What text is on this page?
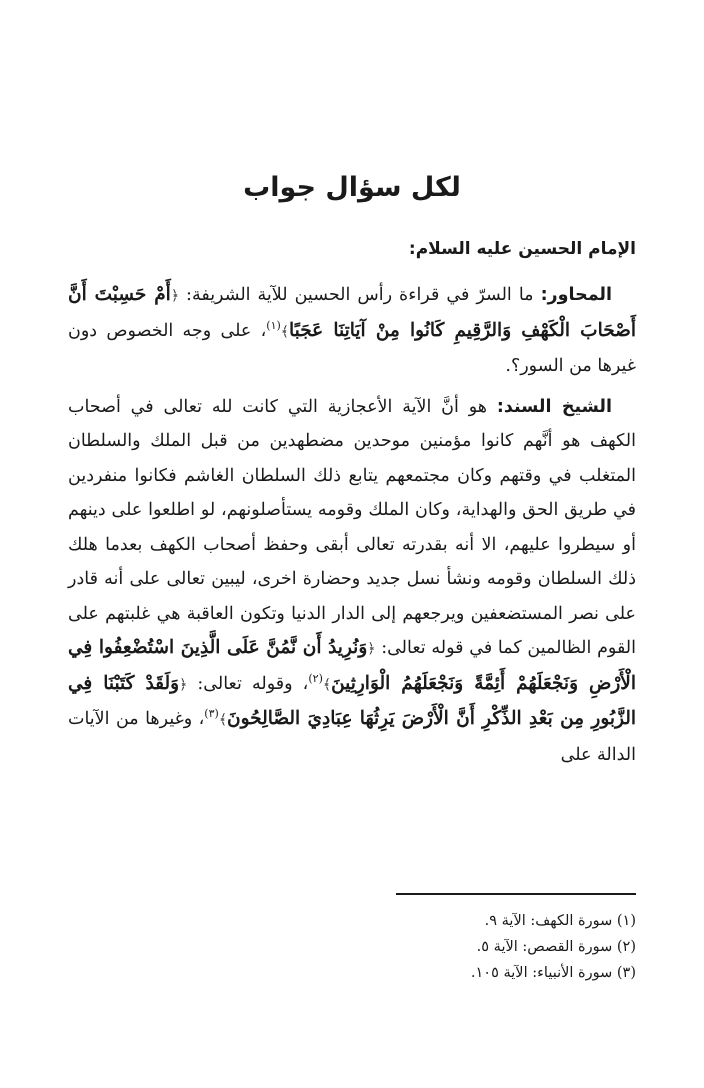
لكل سؤال جواب
الإمام الحسين عليه السلام:

المحاور: ما السرّ في قراءة رأس الحسين للآية الشريفة: ﴿أَمْ حَسِبْتَ أَنَّ أَصْحَابَ الْكَهْفِ وَالرَّقِيمِ كَانُوا مِنْ آيَاتِنَا عَجَبًا﴾$^{(١)}$، على وجه الخصوص دون غيرها من السور؟.

الشيخ السند: هو أنَّ الآية الأعجازية التي كانت لله تعالى في أصحاب الكهف هو أنَّهم كانوا مؤمنين موحدين مضطهدين من قبل الملك والسلطان المتغلب في وقتهم وكان مجتمعهم يتابع ذلك السلطان الغاشم فكانوا منفردين في طريق الحق والهداية، وكان الملك وقومه يستأصلونهم، لو اطلعوا على دينهم أو سيطروا عليهم، الا أنه بقدرته تعالى أبقى وحفظ أصحاب الكهف بعدما هلك ذلك السلطان وقومه ونشأ نسل جديد وحضارة اخرى، ليبين تعالى على أنه قادر على نصر المستضعفين ويرجعهم إلى الدار الدنيا وتكون العاقبة هي غلبتهم على القوم الظالمين كما في قوله تعالى: ﴿وَنُرِيدُ أَن نَّمُنَّ عَلَى الَّذِينَ اسْتُضْعِفُوا فِي الْأَرْضِ وَنَجْعَلَهُمْ أَئِمَّةً وَنَجْعَلَهُمُ الْوَارِثِينَ﴾$^{(٢)}$، وقوله تعالى: ﴿وَلَقَدْ كَتَبْنَا فِي الزَّبُورِ مِن بَعْدِ الذِّكْرِ أَنَّ الْأَرْضَ يَرِثُهَا عِبَادِيَ الصَّالِحُونَ﴾$^{(٣)}$، وغيرها من الآيات الدالة على

(١) سورة الكهف: الآية ٩.

(٢) سورة القصص: الآية ٥.

(٣) سورة الأنبياء: الآية ١٠٥.
